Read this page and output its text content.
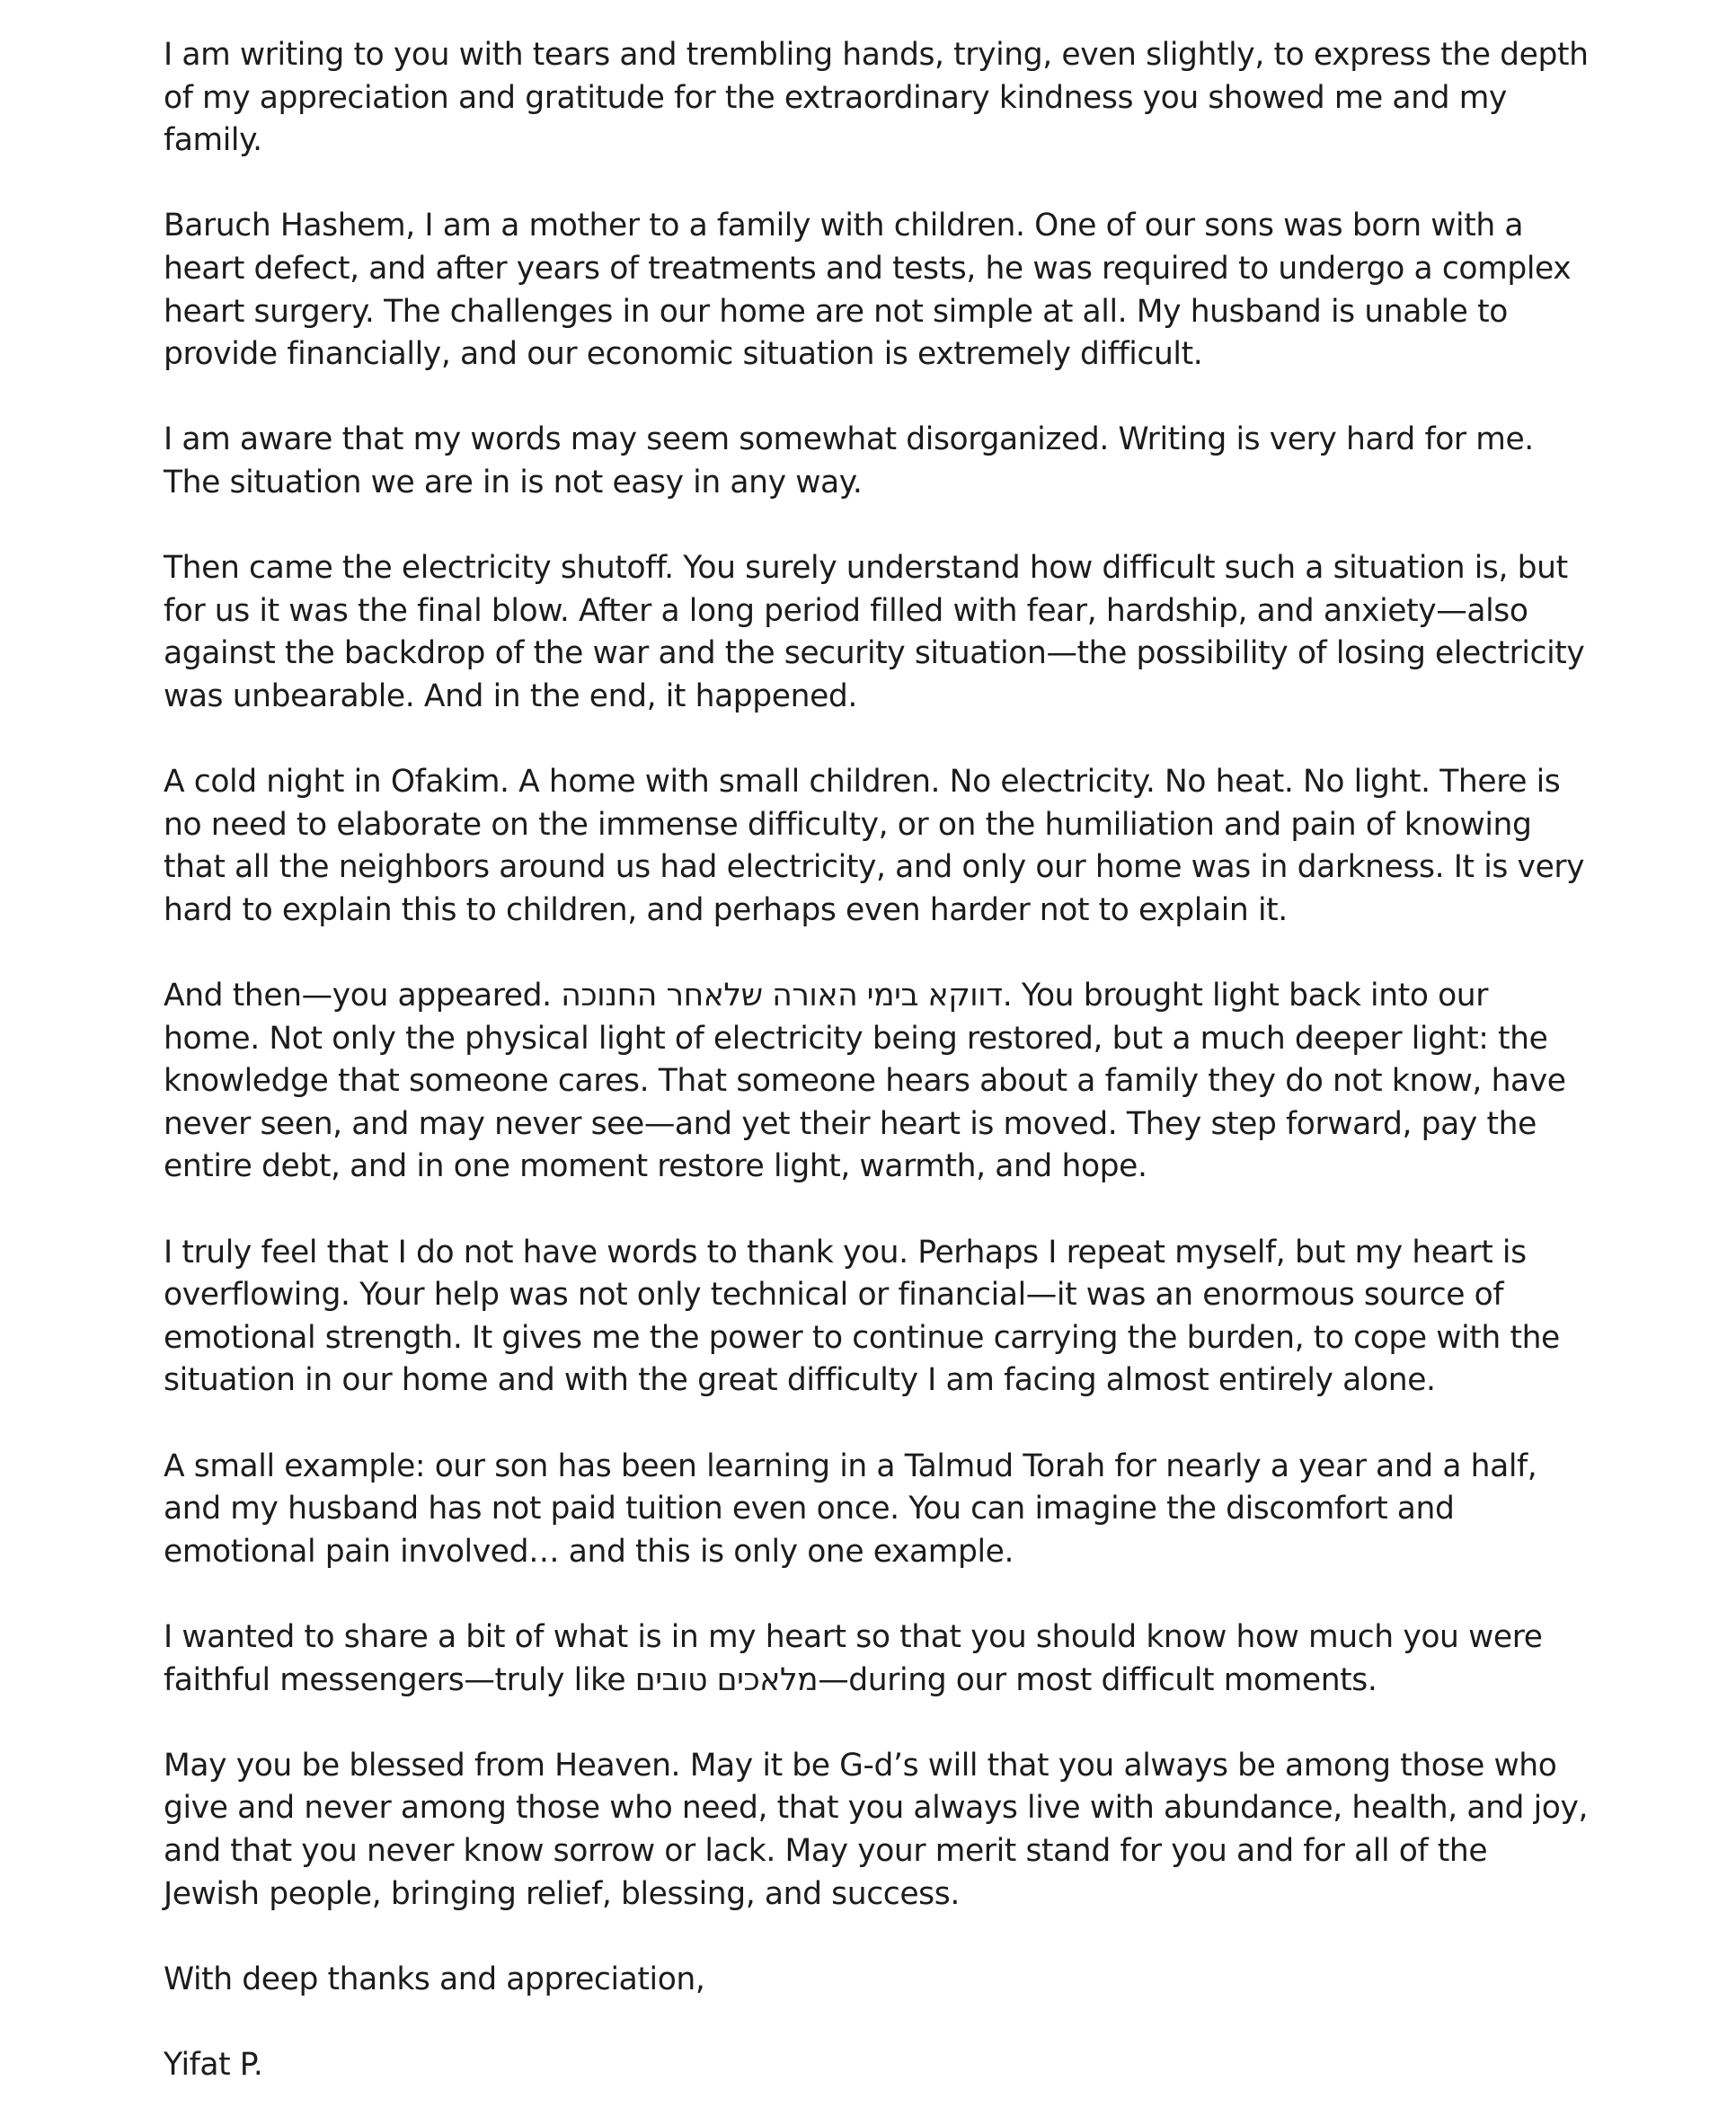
I am writing to you with tears and trembling hands, trying, even slightly, to express the depth of my appreciation and gratitude for the extraordinary kindness you showed me and my family.

Baruch Hashem, I am a mother to a family with children. One of our sons was born with a heart defect, and after years of treatments and tests, he was required to undergo a complex heart surgery. The challenges in our home are not simple at all. My husband is unable to provide financially, and our economic situation is extremely difficult.

I am aware that my words may seem somewhat disorganized. Writing is very hard for me. The situation we are in is not easy in any way.

Then came the electricity shutoff. You surely understand how difficult such a situation is, but for us it was the final blow. After a long period filled with fear, hardship, and anxiety—also against the backdrop of the war and the security situation—the possibility of losing electricity was unbearable. And in the end, it happened.

A cold night in Ofakim. A home with small children. No electricity. No heat. No light. There is no need to elaborate on the immense difficulty, or on the humiliation and pain of knowing that all the neighbors around us had electricity, and only our home was in darkness. It is very hard to explain this to children, and perhaps even harder not to explain it.

And then—you appeared. דווקא בימי האורה שלאחר החנוכה. You brought light back into our home. Not only the physical light of electricity being restored, but a much deeper light: the knowledge that someone cares. That someone hears about a family they do not know, have never seen, and may never see—and yet their heart is moved. They step forward, pay the entire debt, and in one moment restore light, warmth, and hope.

I truly feel that I do not have words to thank you. Perhaps I repeat myself, but my heart is overflowing. Your help was not only technical or financial—it was an enormous source of emotional strength. It gives me the power to continue carrying the burden, to cope with the situation in our home and with the great difficulty I am facing almost entirely alone.

A small example: our son has been learning in a Talmud Torah for nearly a year and a half, and my husband has not paid tuition even once. You can imagine the discomfort and emotional pain involved… and this is only one example.

I wanted to share a bit of what is in my heart so that you should know how much you were faithful messengers—truly like מלאכים טובים—during our most difficult moments.

May you be blessed from Heaven. May it be G-d’s will that you always be among those who give and never among those who need, that you always live with abundance, health, and joy, and that you never know sorrow or lack. May your merit stand for you and for all of the Jewish people, bringing relief, blessing, and success.

With deep thanks and appreciation,

Yifat P.
